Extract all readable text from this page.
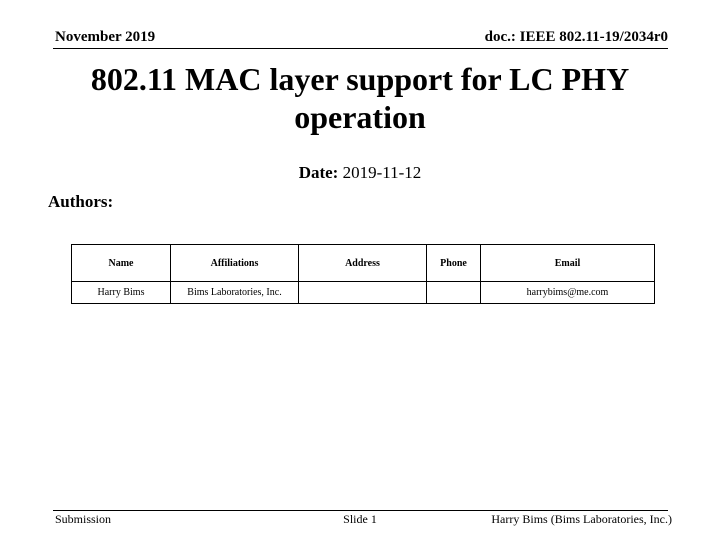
November 2019	doc.: IEEE 802.11-19/2034r0
802.11 MAC layer support for LC PHY
operation
Date: 2019-11-12
Authors:
Name	Affiliations	Address	Phone	Email
Harry Bims	Bims Laboratories, Inc.			harrybims@me.com
Submission	Slide 1	Harry Bims (Bims Laboratories, Inc.)
